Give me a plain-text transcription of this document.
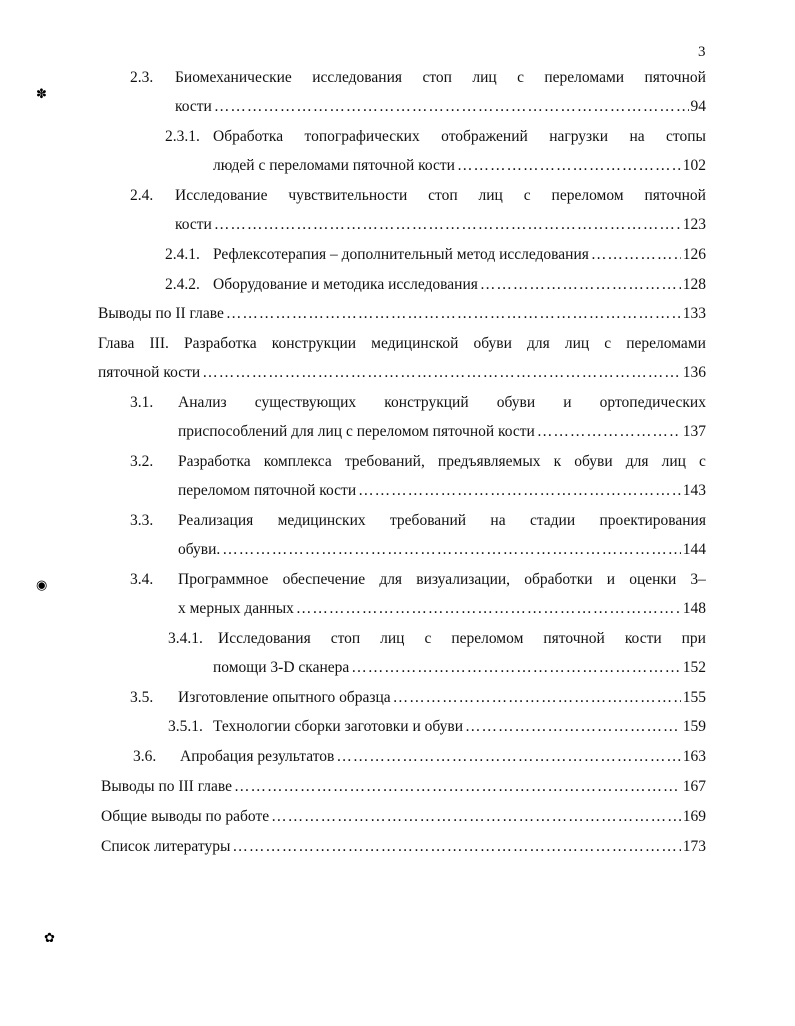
3
✽
◉
✿
2.3. Биомеханические исследования стоп лиц с переломами пяточной
кости ………………………………………………………………………………………………………………………………………………………………	94
2.3.1. Обработка топографических отображений нагрузки на стопы
людей с переломами пяточной кости ………………………………………………………………………………………………………………………………………………………………	102
2.4. Исследование чувствительности стоп лиц с переломом пяточной
кости ………………………………………………………………………………………………………………………………………………………………	123
2.4.1. Рефлексотерапия – дополнительный метод исследования ………………………………………………………………………………………………………………………………………………………………	126
2.4.2. Оборудование и методика исследования ………………………………………………………………………………………………………………………………………………………………	128
Выводы по II главе ………………………………………………………………………………………………………………………………………………………………	133
Глава III. Разработка конструкции медицинской обуви для лиц с переломами
пяточной кости ………………………………………………………………………………………………………………………………………………………………	136
3.1. Анализ существующих конструкций обуви и ортопедических
приспособлений для лиц с переломом пяточной кости ………………………………………………………………………………………………………………………………………………………………	137
3.2. Разработка комплекса требований, предъявляемых к обуви для лиц с
переломом пяточной кости ………………………………………………………………………………………………………………………………………………………………	143
3.3. Реализация медицинских требований на стадии проектирования
обуви. ………………………………………………………………………………………………………………………………………………………………	144
3.4. Программное обеспечение для визуализации, обработки и оценки 3–
х мерных данных ………………………………………………………………………………………………………………………………………………………………	148
3.4.1. Исследования стоп лиц с переломом пяточной кости при
помощи 3-D сканера ………………………………………………………………………………………………………………………………………………………………	152
3.5. Изготовление опытного образца ………………………………………………………………………………………………………………………………………………………………	155
3.5.1. Технологии сборки заготовки и обуви ………………………………………………………………………………………………………………………………………………………………	159
3.6. Апробация результатов ………………………………………………………………………………………………………………………………………………………………	163
Выводы по III главе ………………………………………………………………………………………………………………………………………………………………	167
Общие выводы по работе ………………………………………………………………………………………………………………………………………………………………	169
Список литературы ………………………………………………………………………………………………………………………………………………………………	173
